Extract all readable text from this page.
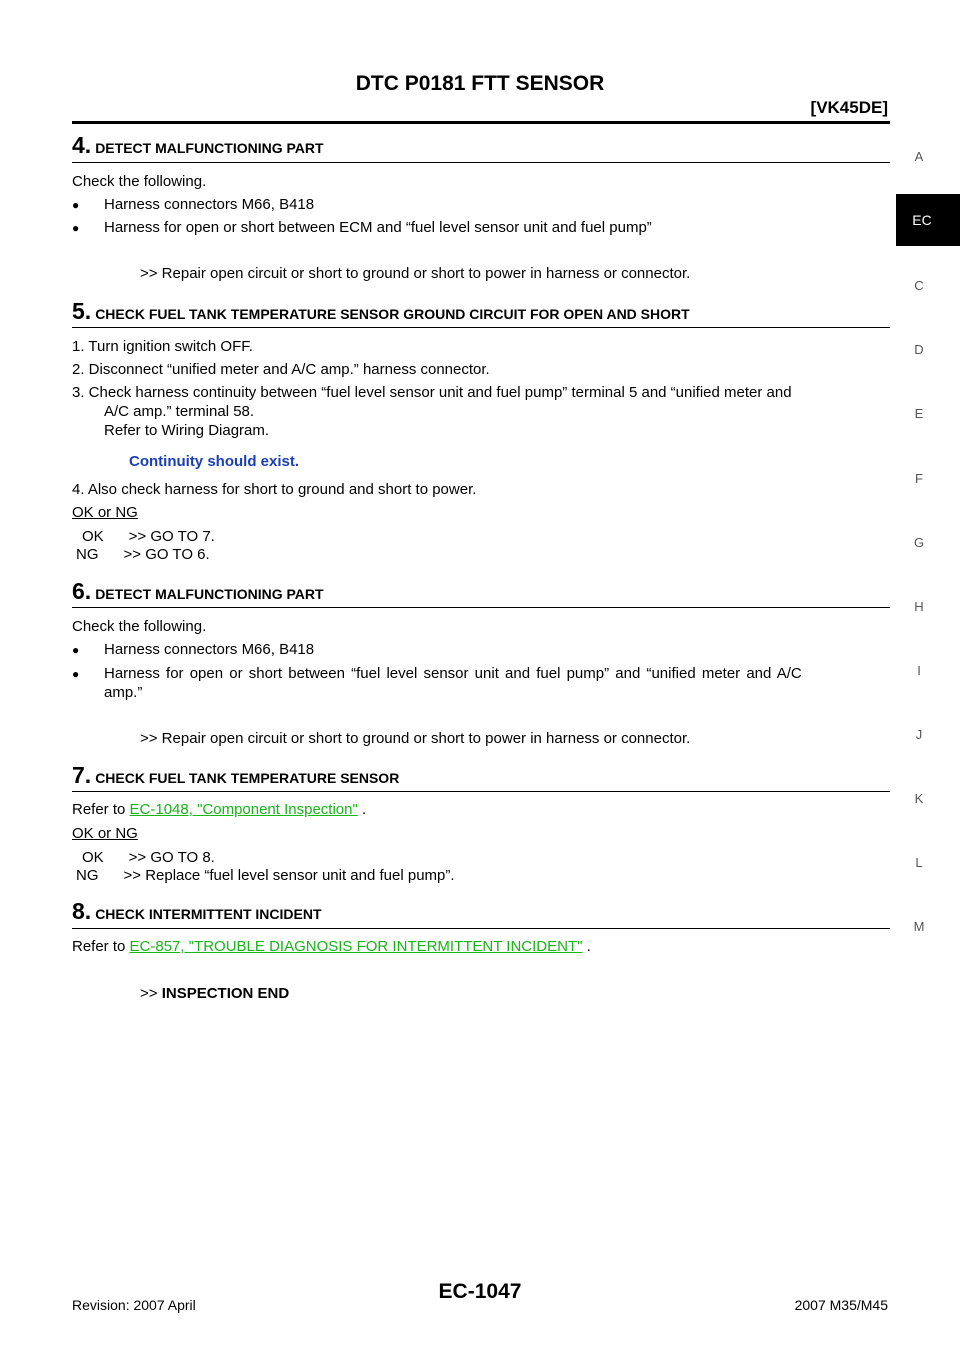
DTC P0181 FTT SENSOR
[VK45DE]
A
EC
C
D
E
F
G
H
I
J
K
L
M
4. DETECT MALFUNCTIONING PART
Check the following.
● Harness connectors M66, B418
● Harness for open or short between ECM and “fuel level sensor unit and fuel pump”
>> Repair open circuit or short to ground or short to power in harness or connector.
5. CHECK FUEL TANK TEMPERATURE SENSOR GROUND CIRCUIT FOR OPEN AND SHORT
1. Turn ignition switch OFF.
2. Disconnect “unified meter and A/C amp.” harness connector.
3. Check harness continuity between “fuel level sensor unit and fuel pump” terminal 5 and “unified meter and
A/C amp.” terminal 58.
Refer to Wiring Diagram.
Continuity should exist.
4. Also check harness for short to ground and short to power.
OK or NG
OK      >> GO TO 7.
NG      >> GO TO 6.
6. DETECT MALFUNCTIONING PART
Check the following.
● Harness connectors M66, B418
● Harness for open or short between “fuel level sensor unit and fuel pump” and “unified meter and A/C
amp.”
>> Repair open circuit or short to ground or short to power in harness or connector.
7. CHECK FUEL TANK TEMPERATURE SENSOR
Refer to EC-1048, "Component Inspection" .
OK or NG
OK      >> GO TO 8.
NG      >> Replace “fuel level sensor unit and fuel pump”.
8. CHECK INTERMITTENT INCIDENT
Refer to EC-857, "TROUBLE DIAGNOSIS FOR INTERMITTENT INCIDENT" .
>> INSPECTION END
Revision: 2007 April
EC-1047
2007 M35/M45
